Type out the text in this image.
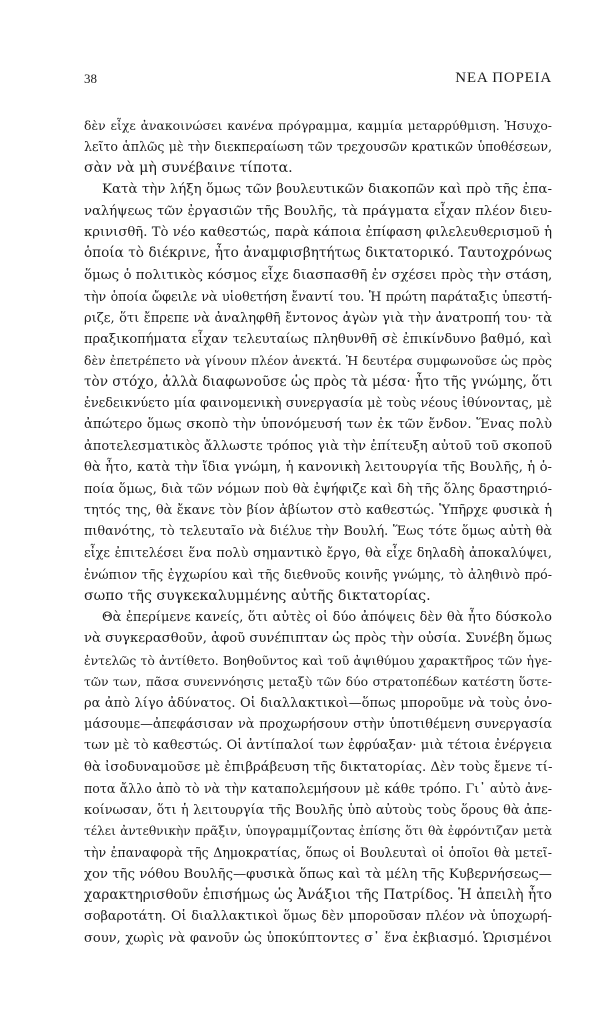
38	ΝΕΑ ΠΟΡΕΙΑ
δὲν εἶχε ἀνακοινώσει κανένα πρόγραμμα, καμμία μεταρρύθμιση. Ἡσυχο-
λεῖτο ἁπλῶς μὲ τὴν διεκπεραίωση τῶν τρεχουσῶν κρατικῶν ὑποθέσεων,
σὰν νὰ μὴ συνέβαινε τίποτα.
Κατὰ τὴν λήξη ὅμως τῶν βουλευτικῶν διακοπῶν καὶ πρὸ τῆς ἐπα-
ναλήψεως τῶν ἐργασιῶν τῆς Βουλῆς, τὰ πράγματα εἶχαν πλέον διευ-
κρινισθῆ. Τὸ νέο καθεστώς, παρὰ κάποια ἐπίφαση φιλελευθερισμοῦ ἡ
ὁποία τὸ διέκρινε, ἦτο ἀναμφισβητήτως δικτατορικό. Ταυτοχρόνως
ὅμως ὁ πολιτικὸς κόσμος εἶχε διασπασθῆ ἐν σχέσει πρὸς τὴν στάση,
τὴν ὁποία ὤφειλε νὰ υἱοθετήση ἔναντί του. Ἡ πρώτη παράταξις ὑπεστή-
ριζε, ὅτι ἔπρεπε νὰ ἀναληφθῆ ἔντονος ἀγὼν γιὰ τὴν ἀνατροπή του· τὰ
πραξικοπήματα εἶχαν τελευταίως πληθυνθῆ σὲ ἐπικίνδυνο βαθμό, καὶ
δὲν ἐπετρέπετο νὰ γίνουν πλέον ἀνεκτά. Ἡ δευτέρα συμφωνοῦσε ὡς πρὸς
τὸν στόχο, ἀλλὰ διαφωνοῦσε ὡς πρὸς τὰ μέσα· ἦτο τῆς γνώμης, ὅτι
ἐνεδεικνύετο μία φαινομενικὴ συνεργασία μὲ τοὺς νέους ἰθύνοντας, μὲ
ἀπώτερο ὅμως σκοπὸ τὴν ὑπονόμευσή των ἐκ τῶν ἔνδον. Ἕνας πολὺ
ἀποτελεσματικὸς ἄλλωστε τρόπος γιὰ τὴν ἐπίτευξη αὐτοῦ τοῦ σκοποῦ
θὰ ἦτο, κατὰ τὴν ἴδια γνώμη, ἡ κανονικὴ λειτουργία τῆς Βουλῆς, ἡ ὁ-
ποία ὅμως, διὰ τῶν νόμων ποὺ θὰ ἐψήφιζε καὶ δὴ τῆς ὅλης δραστηριό-
τητός της, θὰ ἔκανε τὸν βίον ἀβίωτον στὸ καθεστώς. Ὑπῆρχε φυσικὰ ἡ
πιθανότης, τὸ τελευταῖο νὰ διέλυε τὴν Βουλή. Ἕως τότε ὅμως αὐτὴ θὰ
εἶχε ἐπιτελέσει ἕνα πολὺ σημαντικὸ ἔργο, θὰ εἶχε δηλαδὴ ἀποκαλύψει,
ἐνώπιον τῆς ἐγχωρίου καὶ τῆς διεθνοῦς κοινῆς γνώμης, τὸ ἀληθινὸ πρό-
σωπο τῆς συγκεκαλυμμένης αὐτῆς δικτατορίας.
Θὰ ἐπερίμενε κανείς, ὅτι αὐτὲς οἱ δύο ἀπόψεις δὲν θὰ ἦτο δύσκολο
νὰ συγκερασθοῦν, ἀφοῦ συνέπιπταν ὡς πρὸς τὴν οὐσία. Συνέβη ὅμως
ἐντελῶς τὸ ἀντίθετο. Βοηθοῦντος καὶ τοῦ ἀψιθύμου χαρακτῆρος τῶν ἡγε-
τῶν των, πᾶσα συνεννόησις μεταξὺ τῶν δύο στρατοπέδων κατέστη ὕστε-
ρα ἀπὸ λίγο ἀδύνατος. Οἱ διαλλακτικοὶ—ὅπως μποροῦμε νὰ τοὺς ὀνο-
μάσουμε—ἀπεφάσισαν νὰ προχωρήσουν στὴν ὑποτιθέμενη συνεργασία
των μὲ τὸ καθεστώς. Οἱ ἀντίπαλοί των ἐφρύαξαν· μιὰ τέτοια ἐνέργεια
θὰ ἰσοδυναμοῦσε μὲ ἐπιβράβευση τῆς δικτατορίας. Δὲν τοὺς ἔμενε τί-
ποτα ἄλλο ἀπὸ τὸ νὰ τὴν καταπολεμήσουν μὲ κάθε τρόπο. Γι᾿ αὐτὸ ἀνε-
κοίνωσαν, ὅτι ἡ λειτουργία τῆς Βουλῆς ὑπὸ αὐτοὺς τοὺς ὅρους θὰ ἀπε-
τέλει ἀντεθνικὴν πρᾶξιν, ὑπογραμμίζοντας ἐπίσης ὅτι θὰ ἐφρόντιζαν μετὰ
τὴν ἐπαναφορὰ τῆς Δημοκρατίας, ὅπως οἱ Βουλευταὶ οἱ ὁποῖοι θὰ μετεῖ-
χον τῆς νόθου Βουλῆς—φυσικὰ ὅπως καὶ τὰ μέλη τῆς Κυβερνήσεως—
χαρακτηρισθοῦν ἐπισήμως ὡς Ἀνάξιοι τῆς Πατρίδος. Ἡ ἀπειλὴ ἦτο
σοβαροτάτη. Οἱ διαλλακτικοὶ ὅμως δὲν μποροῦσαν πλέον νὰ ὑποχωρή-
σουν, χωρὶς νὰ φανοῦν ὡς ὑποκύπτοντες σ᾿ ἕνα ἐκβιασμό. Ὡρισμένοι
